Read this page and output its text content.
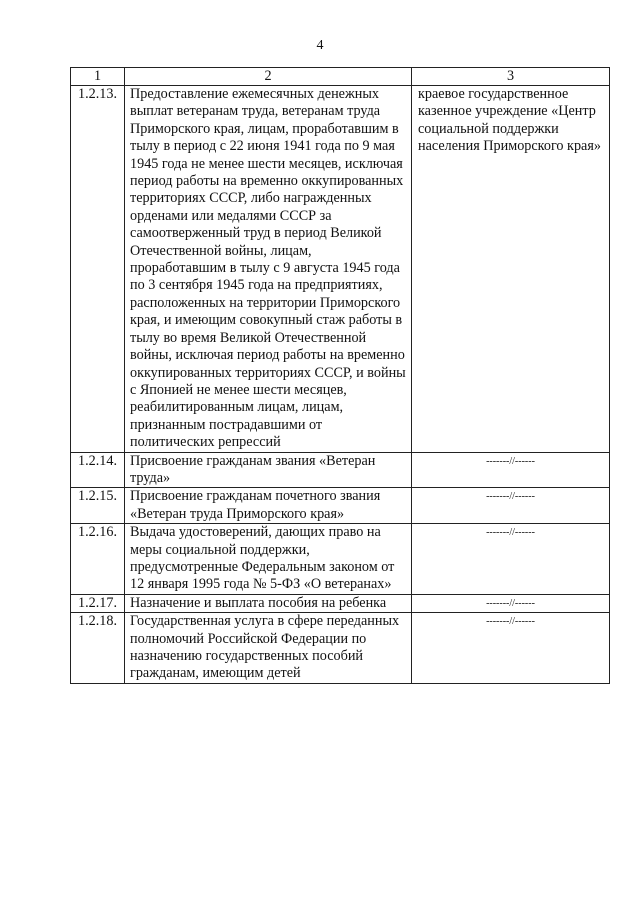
4
1	2	3
1.2.13.	Предоставление ежемесячных денежных выплат ветеранам труда, ветеранам труда Приморского края, лицам, проработавшим в тылу в период с 22 июня 1941 года по 9 мая 1945 года не менее шести месяцев, исключая период работы на временно оккупированных территориях СССР, либо награжденных орденами или медалями СССР за самоотверженный труд в период Великой Отечественной войны, лицам, проработавшим в тылу с 9 августа 1945 года по 3 сентября 1945 года на предприятиях, расположенных на территории Приморского края, и имеющим совокупный стаж работы в тылу во время Великой Отечественной войны, исключая период работы на временно оккупированных территориях СССР, и войны с Японией не менее шести месяцев, реабилитированным лицам, лицам, признанным пострадавшими от политических репрессий	краевое государственное казенное учреждение «Центр социальной поддержки населения Приморского края»
1.2.14.	Присвоение гражданам звания «Ветеран труда»	-------//------
1.2.15.	Присвоение гражданам почетного звания «Ветеран труда Приморского края»	-------//------
1.2.16.	Выдача удостоверений, дающих право на меры социальной поддержки, предусмотренные Федеральным законом от 12 января 1995 года № 5-ФЗ «О ветеранах»	-------//------
1.2.17.	Назначение и выплата пособия на ребенка	-------//------
1.2.18.	Государственная услуга в сфере переданных полномочий Российской Федерации по назначению государственных пособий гражданам, имеющим детей	-------//------
